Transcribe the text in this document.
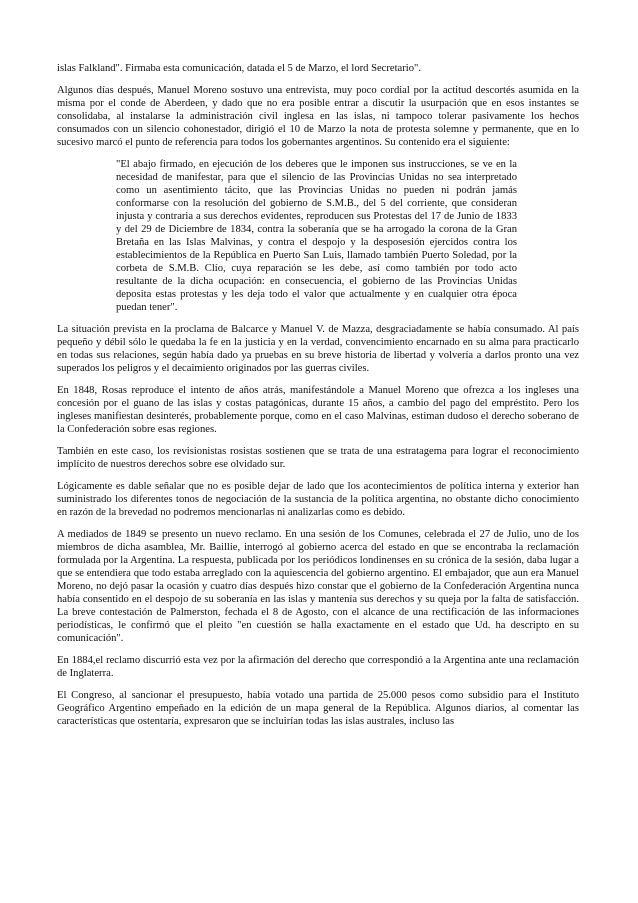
islas Falkland". Firmaba esta comunicación, datada el 5 de Marzo, el lord Secretario".

Algunos días después, Manuel Moreno sostuvo una entrevista, muy poco cordial por la actitud descortés asumida en la misma por el conde de Aberdeen, y dado que no era posible entrar a discutir la usurpación que en esos instantes se consolidaba, al instalarse la administración civil inglesa en las islas, ni tampoco tolerar pasivamente los hechos consumados con un silencio cohonestador, dirigió el 10 de Marzo la nota de protesta solemne y permanente, que en lo sucesivo marcó el punto de referencia para todos los gobernantes argentinos. Su contenido era el siguiente:

"El abajo firmado, en ejecución de los deberes que le imponen sus instrucciones, se ve en la necesidad de manifestar, para que el silencio de las Provincias Unidas no sea interpretado como un asentimiento tácito, que las Provincias Unidas no pueden ni podrán jamás conformarse con la resolución del gobierno de S.M.B., del 5 del corriente, que consideran injusta y contraria a sus derechos evidentes, reproducen sus Protestas del 17 de Junio de 1833 y del 29 de Diciembre de 1834, contra la soberanía que se ha arrogado la corona de la Gran Bretaña en las Islas Malvinas, y contra el despojo y la desposesión ejercidos contra los establecimientos de la República en Puerto San Luis, llamado también Puerto Soledad, por la corbeta de S.M.B. Clío, cuya reparación se les debe, así como también por todo acto resultante de la dicha ocupación: en consecuencia, el gobierno de las Provincias Unidas deposita estas protestas y les deja todo el valor que actualmente y en cualquier otra época puedan tener".

La situación prevista en la proclama de Balcarce y Manuel V. de Mazza, desgraciadamente se había consumado. Al país pequeño y débil sólo le quedaba la fe en la justicia y en la verdad, convencimiento encarnado en su alma para practicarlo en todas sus relaciones, según había dado ya pruebas en su breve historia de libertad y volvería a darlos pronto una vez superados los peligros y el decaimiento originados por las guerras civiles.

En 1848, Rosas reproduce el intento de años atrás, manifestándole a Manuel Moreno que ofrezca a los ingleses una concesión por el guano de las islas y costas patagónicas, durante 15 años, a cambio del pago del empréstito. Pero los ingleses manifiestan desinterés, probablemente porque, como en el caso Malvinas, estiman dudoso el derecho soberano de la Confederación sobre esas regiones.

También en este caso, los revisionistas rosistas sostienen que se trata de una estratagema para lograr el reconocimiento implícito de nuestros derechos sobre ese olvidado sur.

Lógicamente es dable señalar que no es posible dejar de lado que los acontecimientos de política interna y exterior han suministrado los diferentes tonos de negociación de la sustancia de la política argentina, no obstante dicho conocimiento en razón de la brevedad no podremos mencionarlas ni analizarlas como es debido.

A mediados de 1849 se presento un nuevo reclamo. En una sesión de los Comunes, celebrada el 27 de Julio, uno de los miembros de dicha asamblea, Mr. Baillie, interrogó al gobierno acerca del estado en que se encontraba la reclamación formulada por la Argentina. La respuesta, publicada por los periódicos londinenses en su crónica de la sesión, daba lugar a que se entendiera que todo estaba arreglado con la aquiescencia del gobierno argentino. El embajador, que aun era Manuel Moreno, no dejó pasar la ocasión y cuatro días después hizo constar que el gobierno de la Confederación Argentina nunca había consentido en el despojo de su soberanía en las islas y mantenía sus derechos y su queja por la falta de satisfacción. La breve contestación de Palmerston, fechada el 8 de Agosto, con el alcance de una rectificación de las informaciones periodísticas, le confirmó que el pleito "en cuestión se halla exactamente en el estado que Ud. ha descripto en su comunicación".

En 1884,el reclamo discurrió esta vez por la afirmación del derecho que correspondió a la Argentina ante una reclamación de Inglaterra.

El Congreso, al sancionar el presupuesto, había votado una partida de 25.000 pesos como subsidio para el Instituto Geográfico Argentino empeñado en la edición de un mapa general de la República. Algunos diarios, al comentar las características que ostentaría, expresaron que se incluirían todas las islas australes, incluso las
